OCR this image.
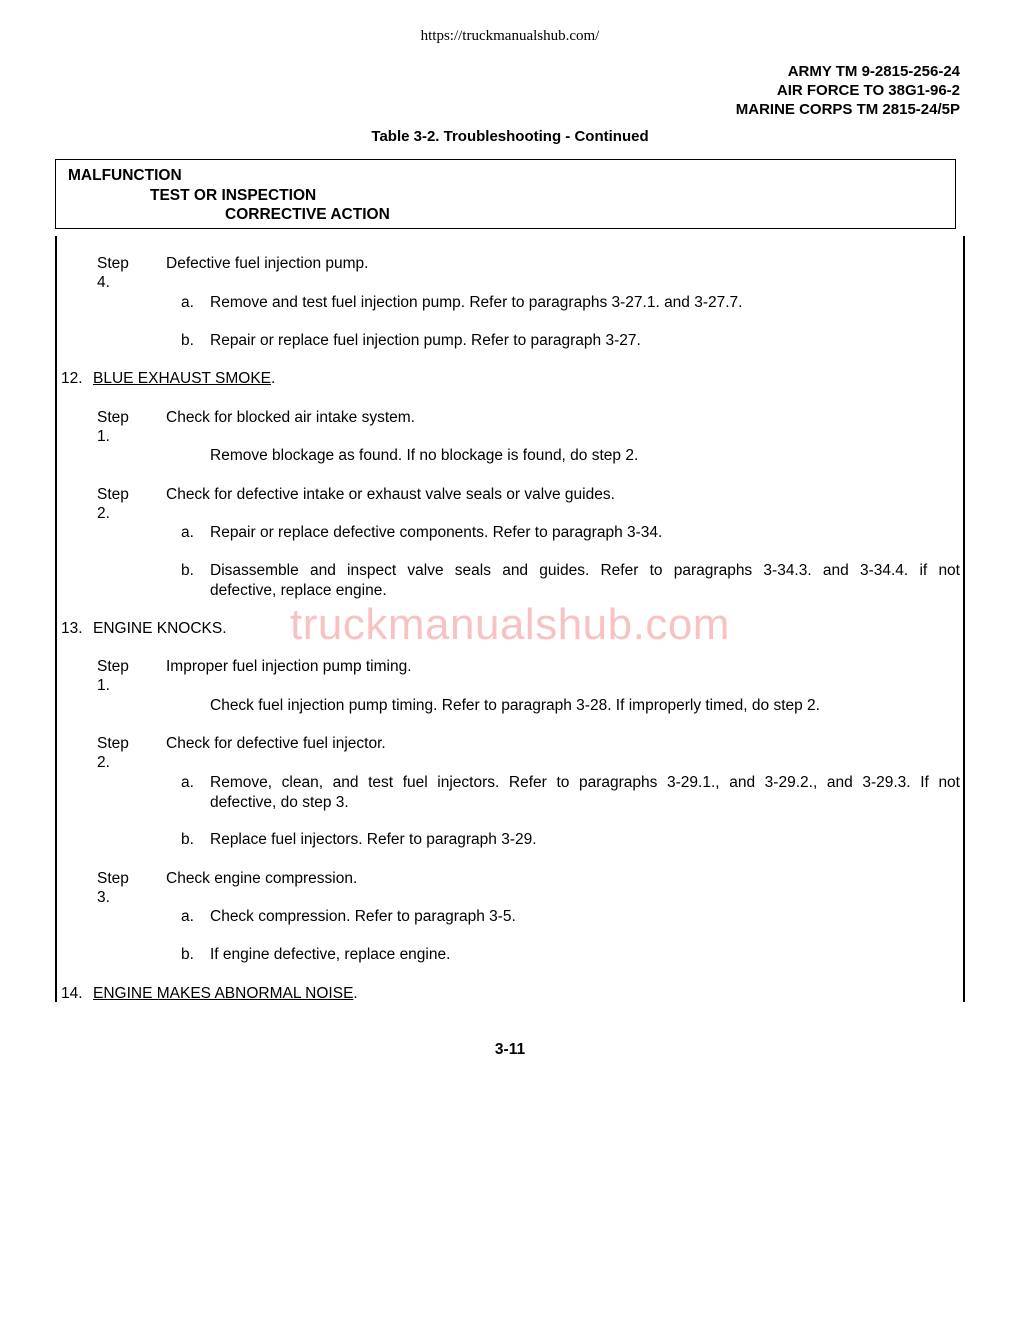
https://truckmanualshub.com/
ARMY TM 9-2815-256-24
AIR FORCE TO 38G1-96-2
MARINE CORPS TM 2815-24/5P
Table 3-2. Troubleshooting - Continued
MALFUNCTION
TEST OR INSPECTION
CORRECTIVE ACTION
truckmanualshub.com
Step 4.
Defective fuel injection pump.
a. Remove and test fuel injection pump. Refer to paragraphs 3-27.1. and 3-27.7.
b. Repair or replace fuel injection pump. Refer to paragraph 3-27.
12. BLUE EXHAUST SMOKE.
Step 1.
Check for blocked air intake system.
Remove blockage as found. If no blockage is found, do step 2.
Step 2.
Check for defective intake or exhaust valve seals or valve guides.
a. Repair or replace defective components. Refer to paragraph 3-34.
b. Disassemble and inspect valve seals and guides. Refer to paragraphs 3-34.3. and 3-34.4. if not
defective, replace engine.
13. ENGINE KNOCKS.
Step 1.
Improper fuel injection pump timing.
Check fuel injection pump timing. Refer to paragraph 3-28. If improperly timed, do step 2.
Step 2.
Check for defective fuel injector.
a. Remove, clean, and test fuel injectors. Refer to paragraphs 3-29.1., and 3-29.2., and 3-29.3. If not
defective, do step 3.
b. Replace fuel injectors. Refer to paragraph 3-29.
Step 3.
Check engine compression.
a. Check compression. Refer to paragraph 3-5.
b. If engine defective, replace engine.
14. ENGINE MAKES ABNORMAL NOISE.
3-11
